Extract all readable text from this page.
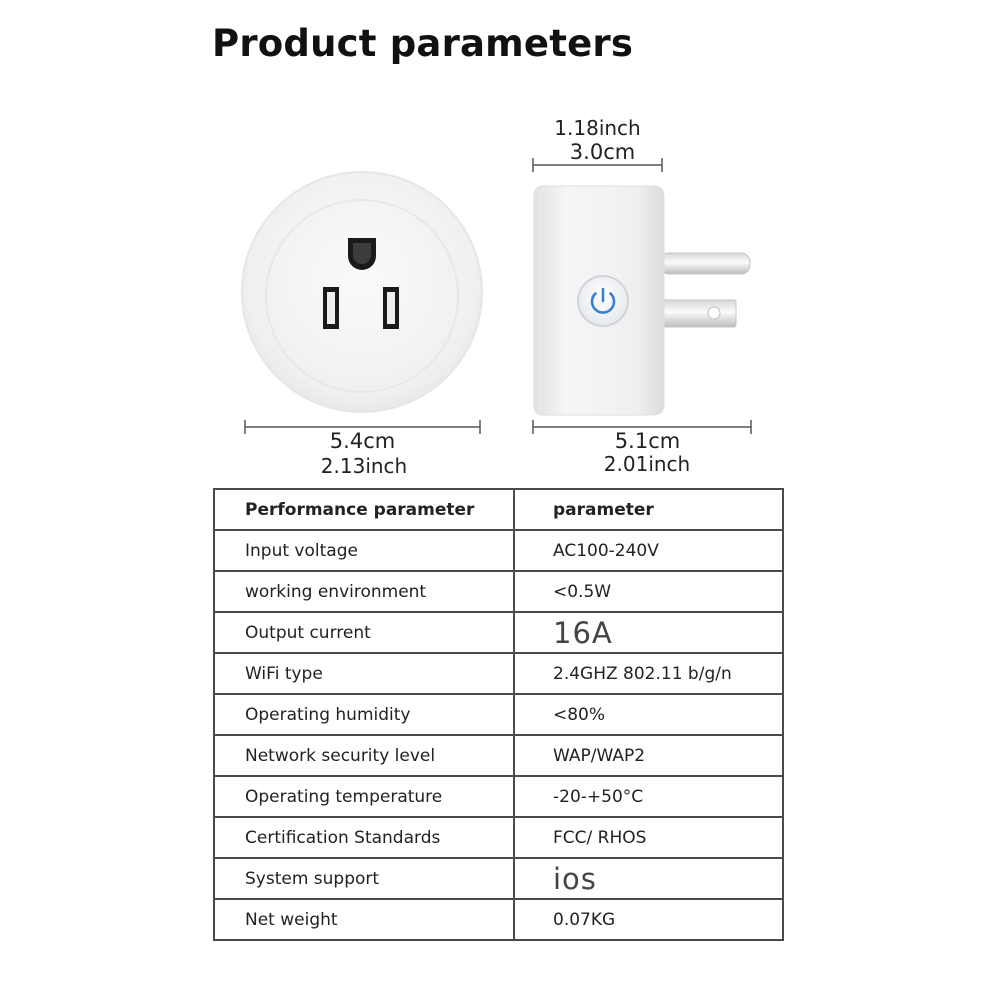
Product parameters
1.18inch
3.0cm
5.4cm
2.13inch
5.1cm
2.01inch
Performance parameter	parameter
Input voltage	AC100-240V
working environment	<0.5W
Output current	16A
WiFi type	2.4GHZ 802.11 b/g/n
Operating humidity	<80%
Network security level	WAP/WAP2
Operating temperature	-20-+50°C
Certification Standards	FCC/ RHOS
System support	ios
Net weight	0.07KG
